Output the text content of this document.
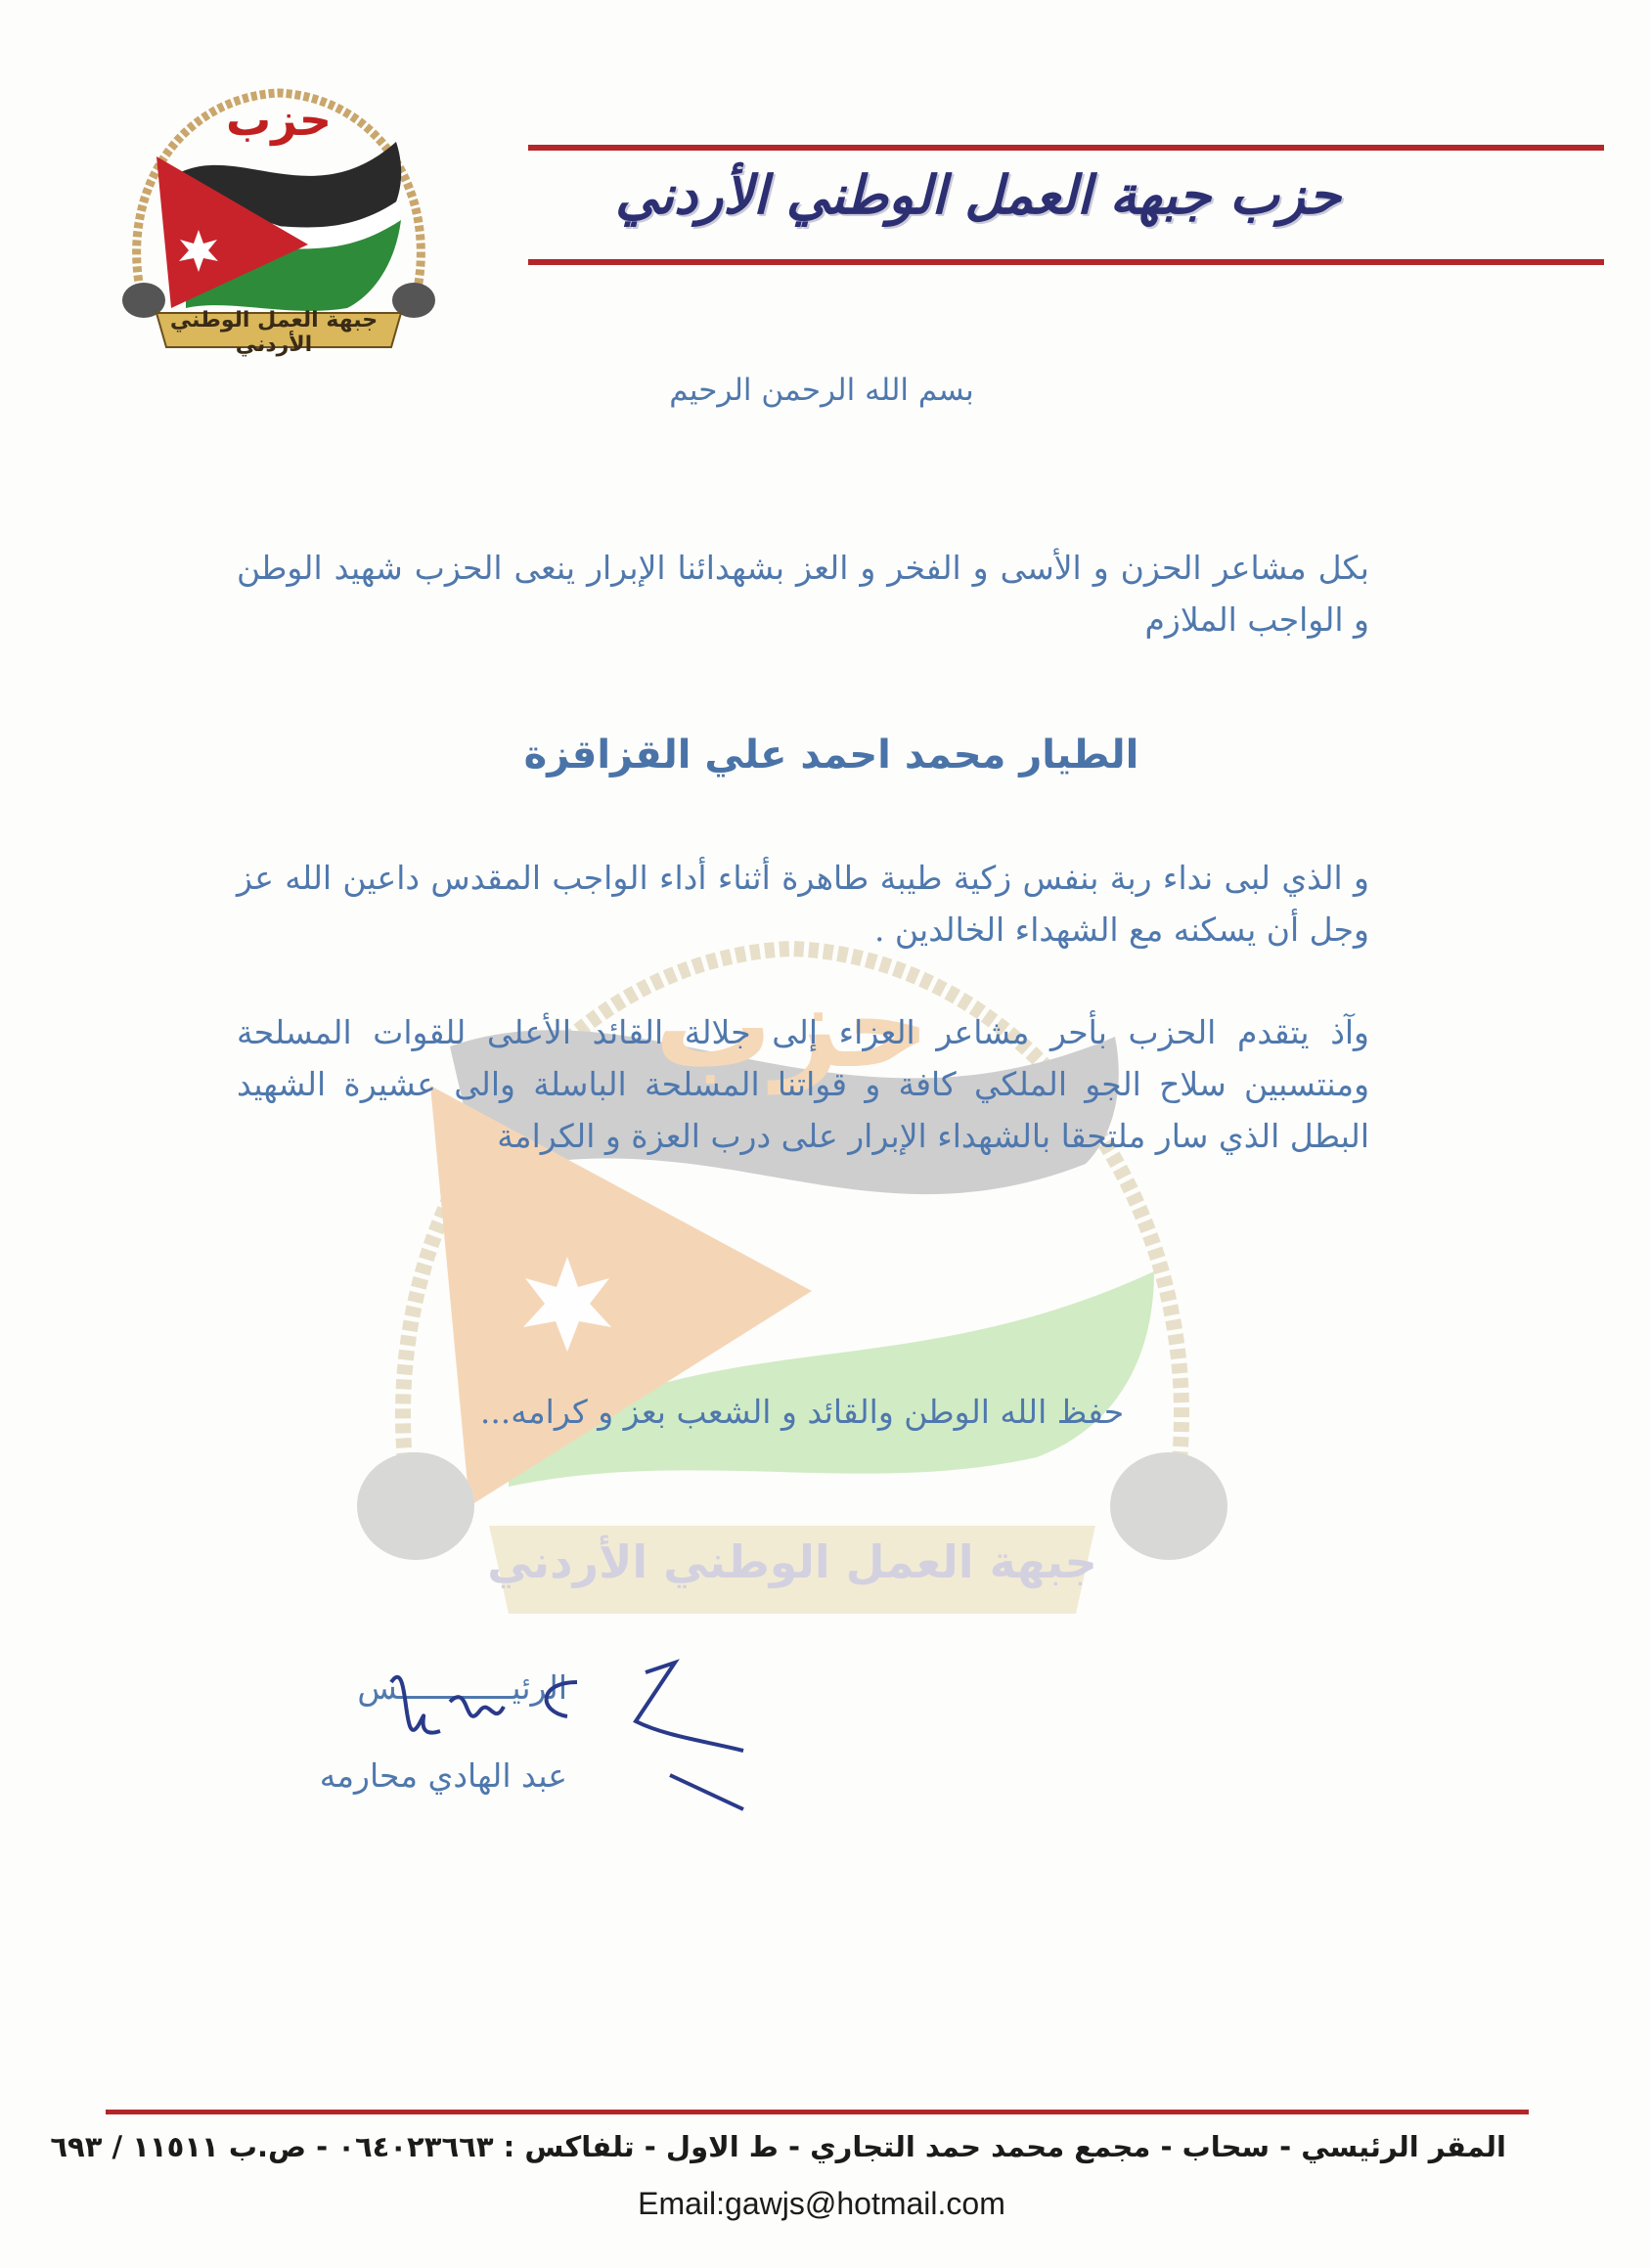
حزب
جبهة العمل الوطني الأردني
حزب جبهة العمل الوطني الأردني
حزب
جبهة العمل الوطني الأردني
بسم الله الرحمن الرحيم
بكل مشاعر الحزن و الأسى و الفخر و العز بشهدائنا الإبرار ينعى الحزب شهيد الوطن و الواجب الملازم
الطيار محمد احمد علي القزاقزة
و الذي لبى نداء ربة بنفس زكية طيبة طاهرة أثناء أداء الواجب المقدس داعين الله عز وجل أن يسكنه مع الشهداء الخالدين .
وآذ يتقدم الحزب بأحر مشاعر العزاء إلى جلالة القائد الأعلى للقوات المسلحة ومنتسبين سلاح الجو الملكي كافة و قواتنا المسلحة الباسلة والى عشيرة الشهيد البطل الذي سار ملتحقا بالشهداء الإبرار على درب العزة و الكرامة
حفظ الله الوطن والقائد و الشعب بعز و كرامه...
الرئيــــــــــــس
عبد الهادي محارمه
المقر الرئيسي - سحاب - مجمع محمد حمد التجاري - ط الاول - تلفاكس : ٠٦٤٠٢٣٦٦٣ - ص.ب ١١٥١١ / ٦٩٣
Email:gawjs@hotmail.com
